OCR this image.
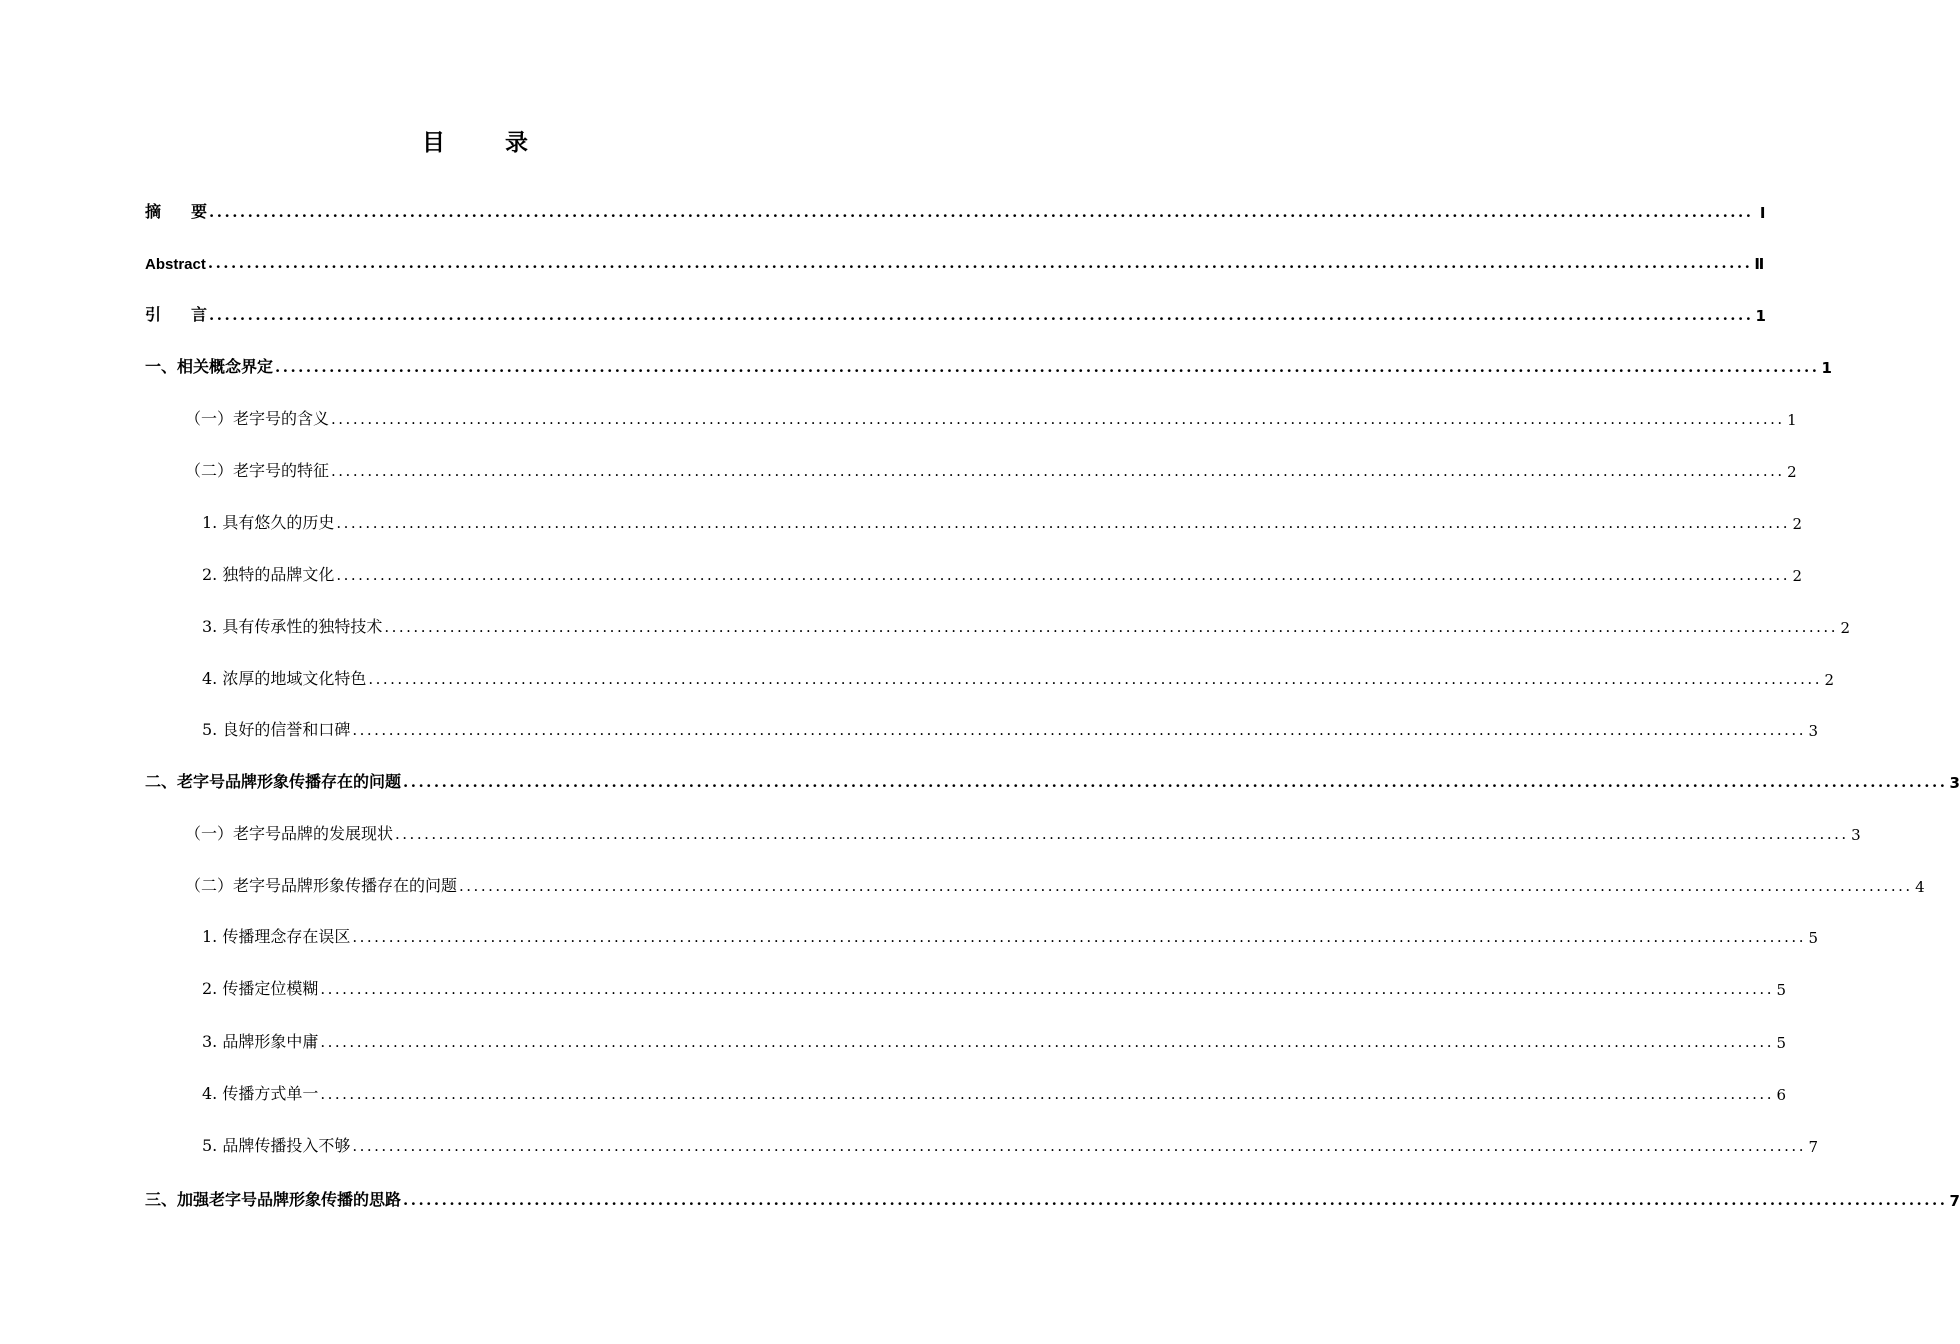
目	录
摘 要 ........................................................................................................................................................................................................ Ⅰ
Abstract ........................................................................................................................................................................................................ Ⅱ
引 言 ........................................................................................................................................................................................................ 1
一、相关概念界定 ........................................................................................................................................................................................................ 1
（一）老字号的含义 ........................................................................................................................................................................................................ 1
（二）老字号的特征 ........................................................................................................................................................................................................ 2
1. 具有悠久的历史 ........................................................................................................................................................................................................ 2
2. 独特的品牌文化 ........................................................................................................................................................................................................ 2
3. 具有传承性的独特技术 ........................................................................................................................................................................................................ 2
4. 浓厚的地域文化特色 ........................................................................................................................................................................................................ 2
5. 良好的信誉和口碑 ........................................................................................................................................................................................................ 3
二、老字号品牌形象传播存在的问题 ........................................................................................................................................................................................................ 3
（一）老字号品牌的发展现状 ........................................................................................................................................................................................................ 3
（二）老字号品牌形象传播存在的问题 ........................................................................................................................................................................................................ 4
1. 传播理念存在误区 ........................................................................................................................................................................................................ 5
2. 传播定位模糊 ........................................................................................................................................................................................................ 5
3. 品牌形象中庸 ........................................................................................................................................................................................................ 5
4. 传播方式单一 ........................................................................................................................................................................................................ 6
5. 品牌传播投入不够 ........................................................................................................................................................................................................ 7
三、加强老字号品牌形象传播的思路 ........................................................................................................................................................................................................ 7
